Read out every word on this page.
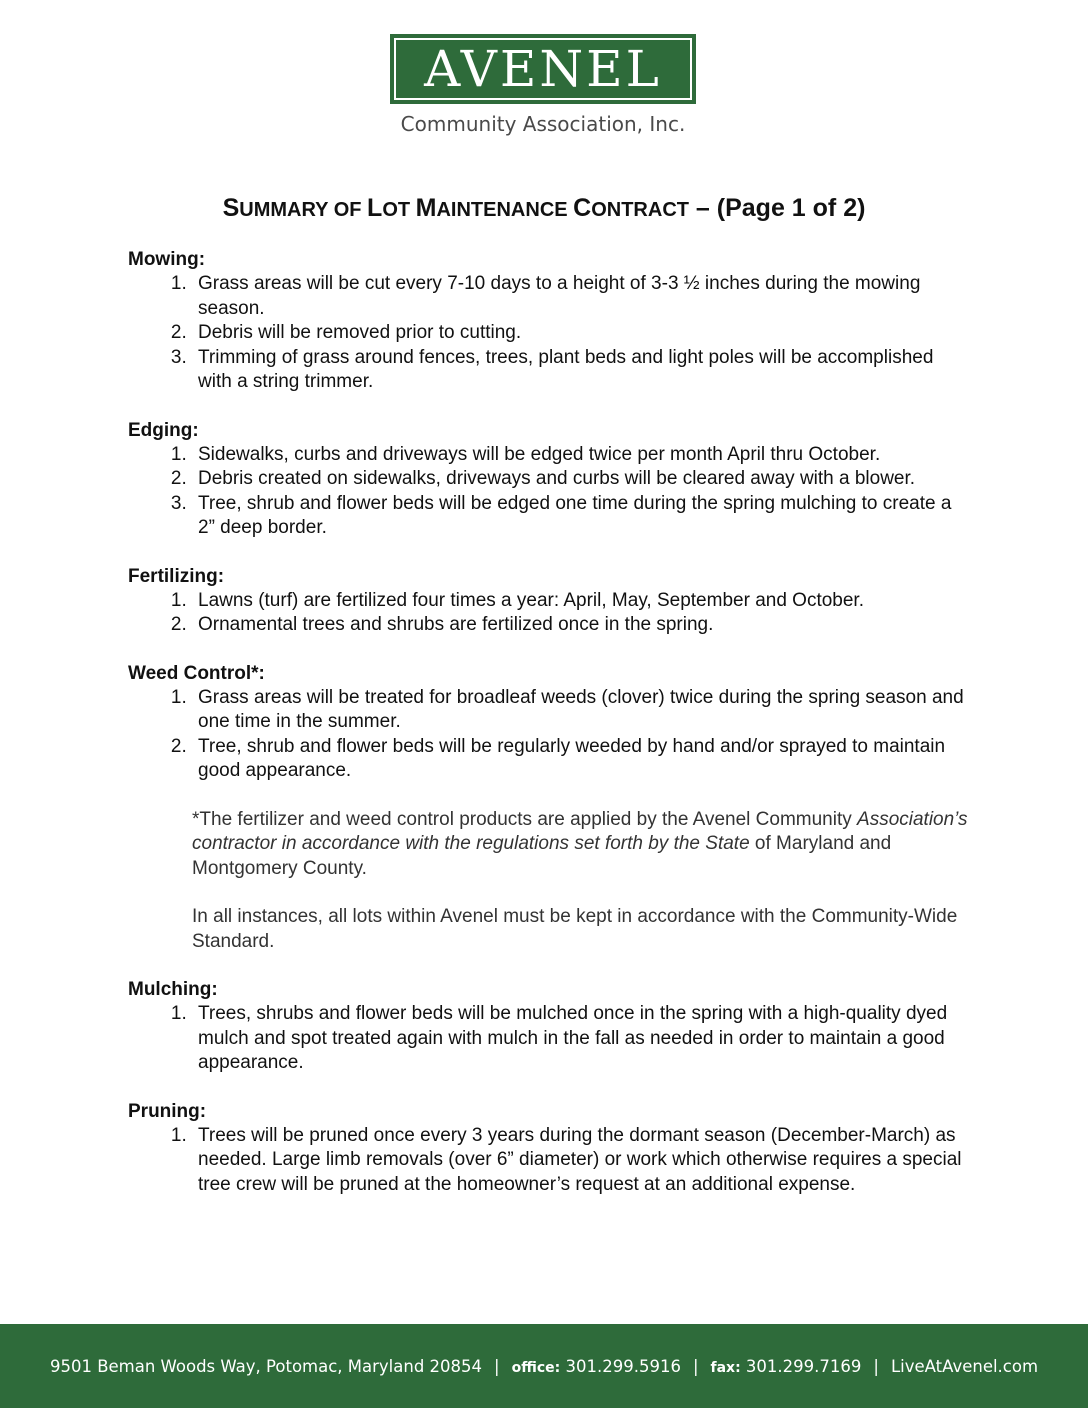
AVENEL
Community Association, Inc.
SUMMARY OF LOT MAINTENANCE CONTRACT – (Page 1 of 2)
Mowing:
1. Grass areas will be cut every 7-10 days to a height of 3-3 ½ inches during the mowing season.
2. Debris will be removed prior to cutting.
3. Trimming of grass around fences, trees, plant beds and light poles will be accomplished with a string trimmer.
Edging:
1. Sidewalks, curbs and driveways will be edged twice per month April thru October.
2. Debris created on sidewalks, driveways and curbs will be cleared away with a blower.
3. Tree, shrub and flower beds will be edged one time during the spring mulching to create a 2” deep border.
Fertilizing:
1. Lawns (turf) are fertilized four times a year: April, May, September and October.
2. Ornamental trees and shrubs are fertilized once in the spring.
Weed Control*:
1. Grass areas will be treated for broadleaf weeds (clover) twice during the spring season and one time in the summer.
2. Tree, shrub and flower beds will be regularly weeded by hand and/or sprayed to maintain good appearance.

*The fertilizer and weed control products are applied by the Avenel Community Association’s contractor in accordance with the regulations set forth by the State of Maryland and Montgomery County.

In all instances, all lots within Avenel must be kept in accordance with the Community-Wide Standard.

Mulching:
1. Trees, shrubs and flower beds will be mulched once in the spring with a high-quality dyed mulch and spot treated again with mulch in the fall as needed in order to maintain a good appearance.
Pruning:
1. Trees will be pruned once every 3 years during the dormant season (December-March) as needed. Large limb removals (over 6” diameter) or work which otherwise requires a special tree crew will be pruned at the homeowner’s request at an additional expense.
9501 Beman Woods Way, Potomac, Maryland 20854 | office: 301.299.5916 | fax: 301.299.7169 | LiveAtAvenel.com
